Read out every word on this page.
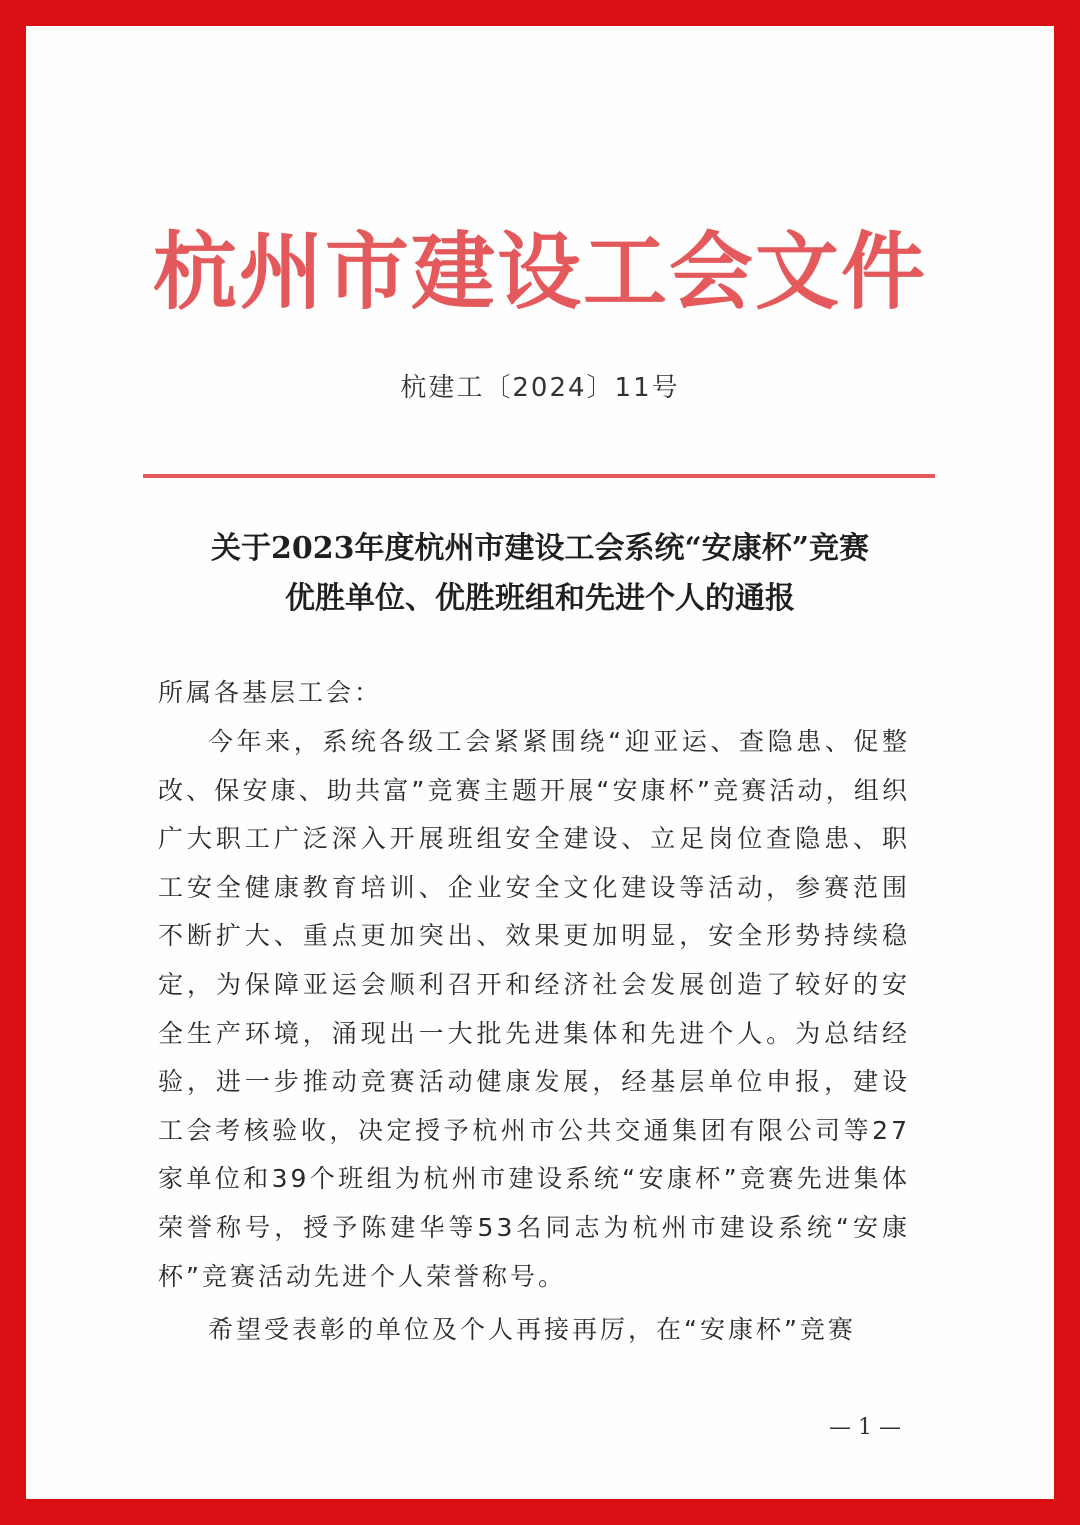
杭州市建设工会文件
杭建工〔2024〕11号
关于2023年度杭州市建设工会系统“安康杯”竞赛
优胜单位、优胜班组和先进个人的通报
所属各基层工会：
今年来，系统各级工会紧紧围绕“迎亚运、查隐患、促整改、保安康、助共富”竞赛主题开展“安康杯”竞赛活动，组织广大职工广泛深入开展班组安全建设、立足岗位查隐患、职工安全健康教育培训、企业安全文化建设等活动，参赛范围不断扩大、重点更加突出、效果更加明显，安全形势持续稳定，为保障亚运会顺利召开和经济社会发展创造了较好的安全生产环境，涌现出一大批先进集体和先进个人。为总结经验，进一步推动竞赛活动健康发展，经基层单位申报，建设工会考核验收，决定授予杭州市公共交通集团有限公司等27家单位和39个班组为杭州市建设系统“安康杯”竞赛先进集体荣誉称号，授予陈建华等53名同志为杭州市建设系统“安康杯”竞赛活动先进个人荣誉称号。
希望受表彰的单位及个人再接再厉，在“安康杯”竞赛
— 1 —
